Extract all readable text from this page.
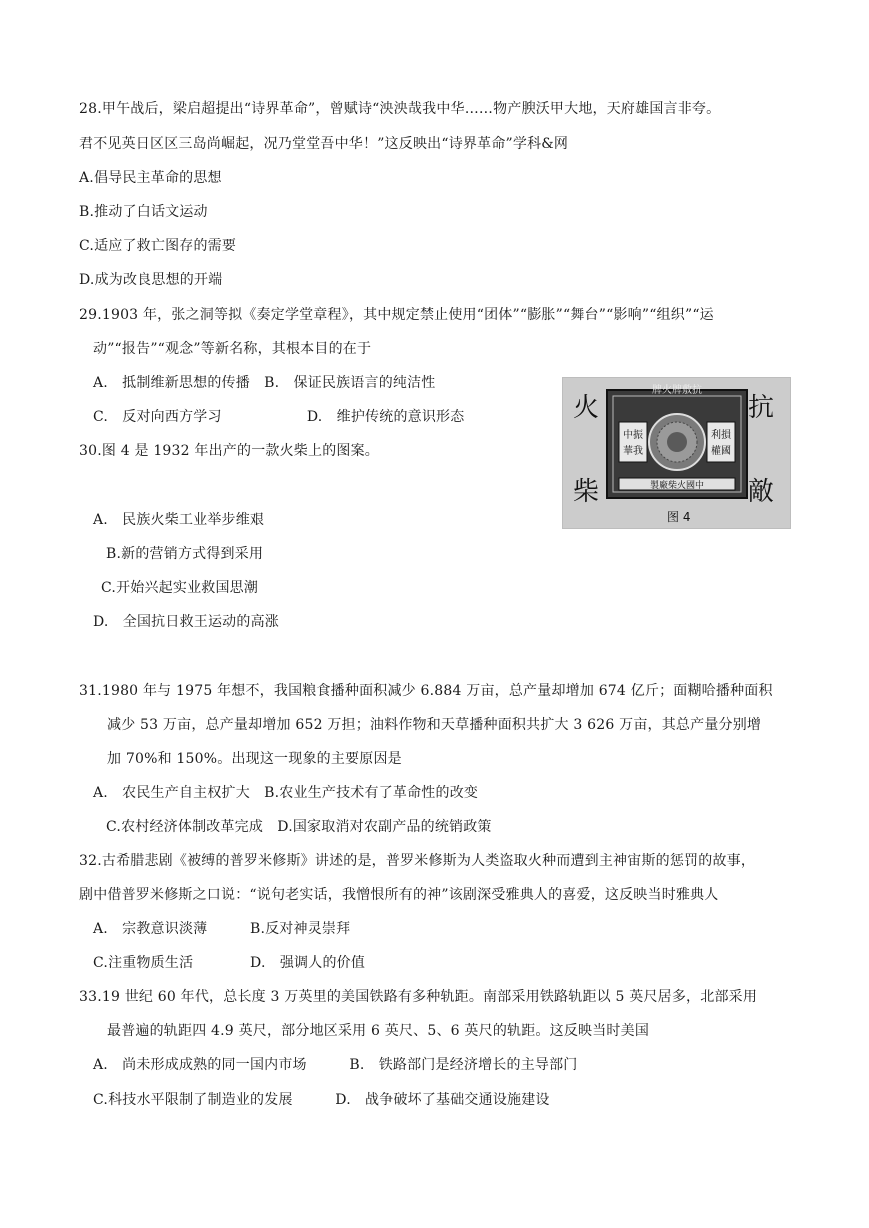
28.甲午战后，梁启超提出“诗界革命”，曾赋诗“泱泱哉我中华……物产腴沃甲大地，天府雄国言非夸。
君不见英日区区三岛尚崛起，况乃堂堂吾中华！”这反映出“诗界革命”学科&网
A.倡导民主革命的思想
B.推动了白话文运动
C.适应了救亡图存的需要
D.成为改良思想的开端
29.1903 年，张之洞等拟《奏定学堂章程》，其中规定禁止使用“团体”“膨胀”“舞台”“影响”“组织”“运
动”“报告”“观念”等新名称，其根本目的在于
A.　抵制维新思想的传播　B.　保证民族语言的纯洁性
C.　反对向西方学习　　　　　　D.　维护传统的意识形态
30.图 4 是 1932 年出产的一款火柴上的图案。
A.　民族火柴工业举步维艰
B.新的营销方式得到采用
C.开始兴起实业救国思潮
D.　全国抗日救王运动的高涨
火	抗
柴	敵
牌火牌敷抗
中振
華我
利損
權國
製廠柴火國中
图 4
31.1980 年与 1975 年想不，我国粮食播种面积减少 6.884 万亩，总产量却增加 674 亿斤；面糊哈播种面积
减少 53 万亩，总产量却增加 652 万担；油料作物和天草播种面积共扩大 3 626 万亩，其总产量分别增
加 70%和 150%。出现这一现象的主要原因是
A.　农民生产自主权扩大　B.农业生产技术有了革命性的改变
C.农村经济体制改革完成　D.国家取消对农副产品的统销政策
32.古希腊悲剧《被缚的普罗米修斯》讲述的是，普罗米修斯为人类盗取火种而遭到主神宙斯的惩罚的故事，
剧中借普罗米修斯之口说：“说句老实话，我憎恨所有的神”该剧深受雅典人的喜爱，这反映当时雅典人
A.　宗教意识淡薄　　　B.反对神灵崇拜
C.注重物质生活　　　　D.　强调人的价值
33.19 世纪 60 年代，总长度 3 万英里的美国铁路有多种轨距。南部采用铁路轨距以 5 英尺居多，北部采用
最普遍的轨距四 4.9 英尺，部分地区采用 6 英尺、5、6 英尺的轨距。这反映当时美国
A.　尚未形成成熟的同一国内市场　　　B.　铁路部门是经济增长的主导部门
C.科技水平限制了制造业的发展　　　D.　战争破坏了基础交通设施建设
